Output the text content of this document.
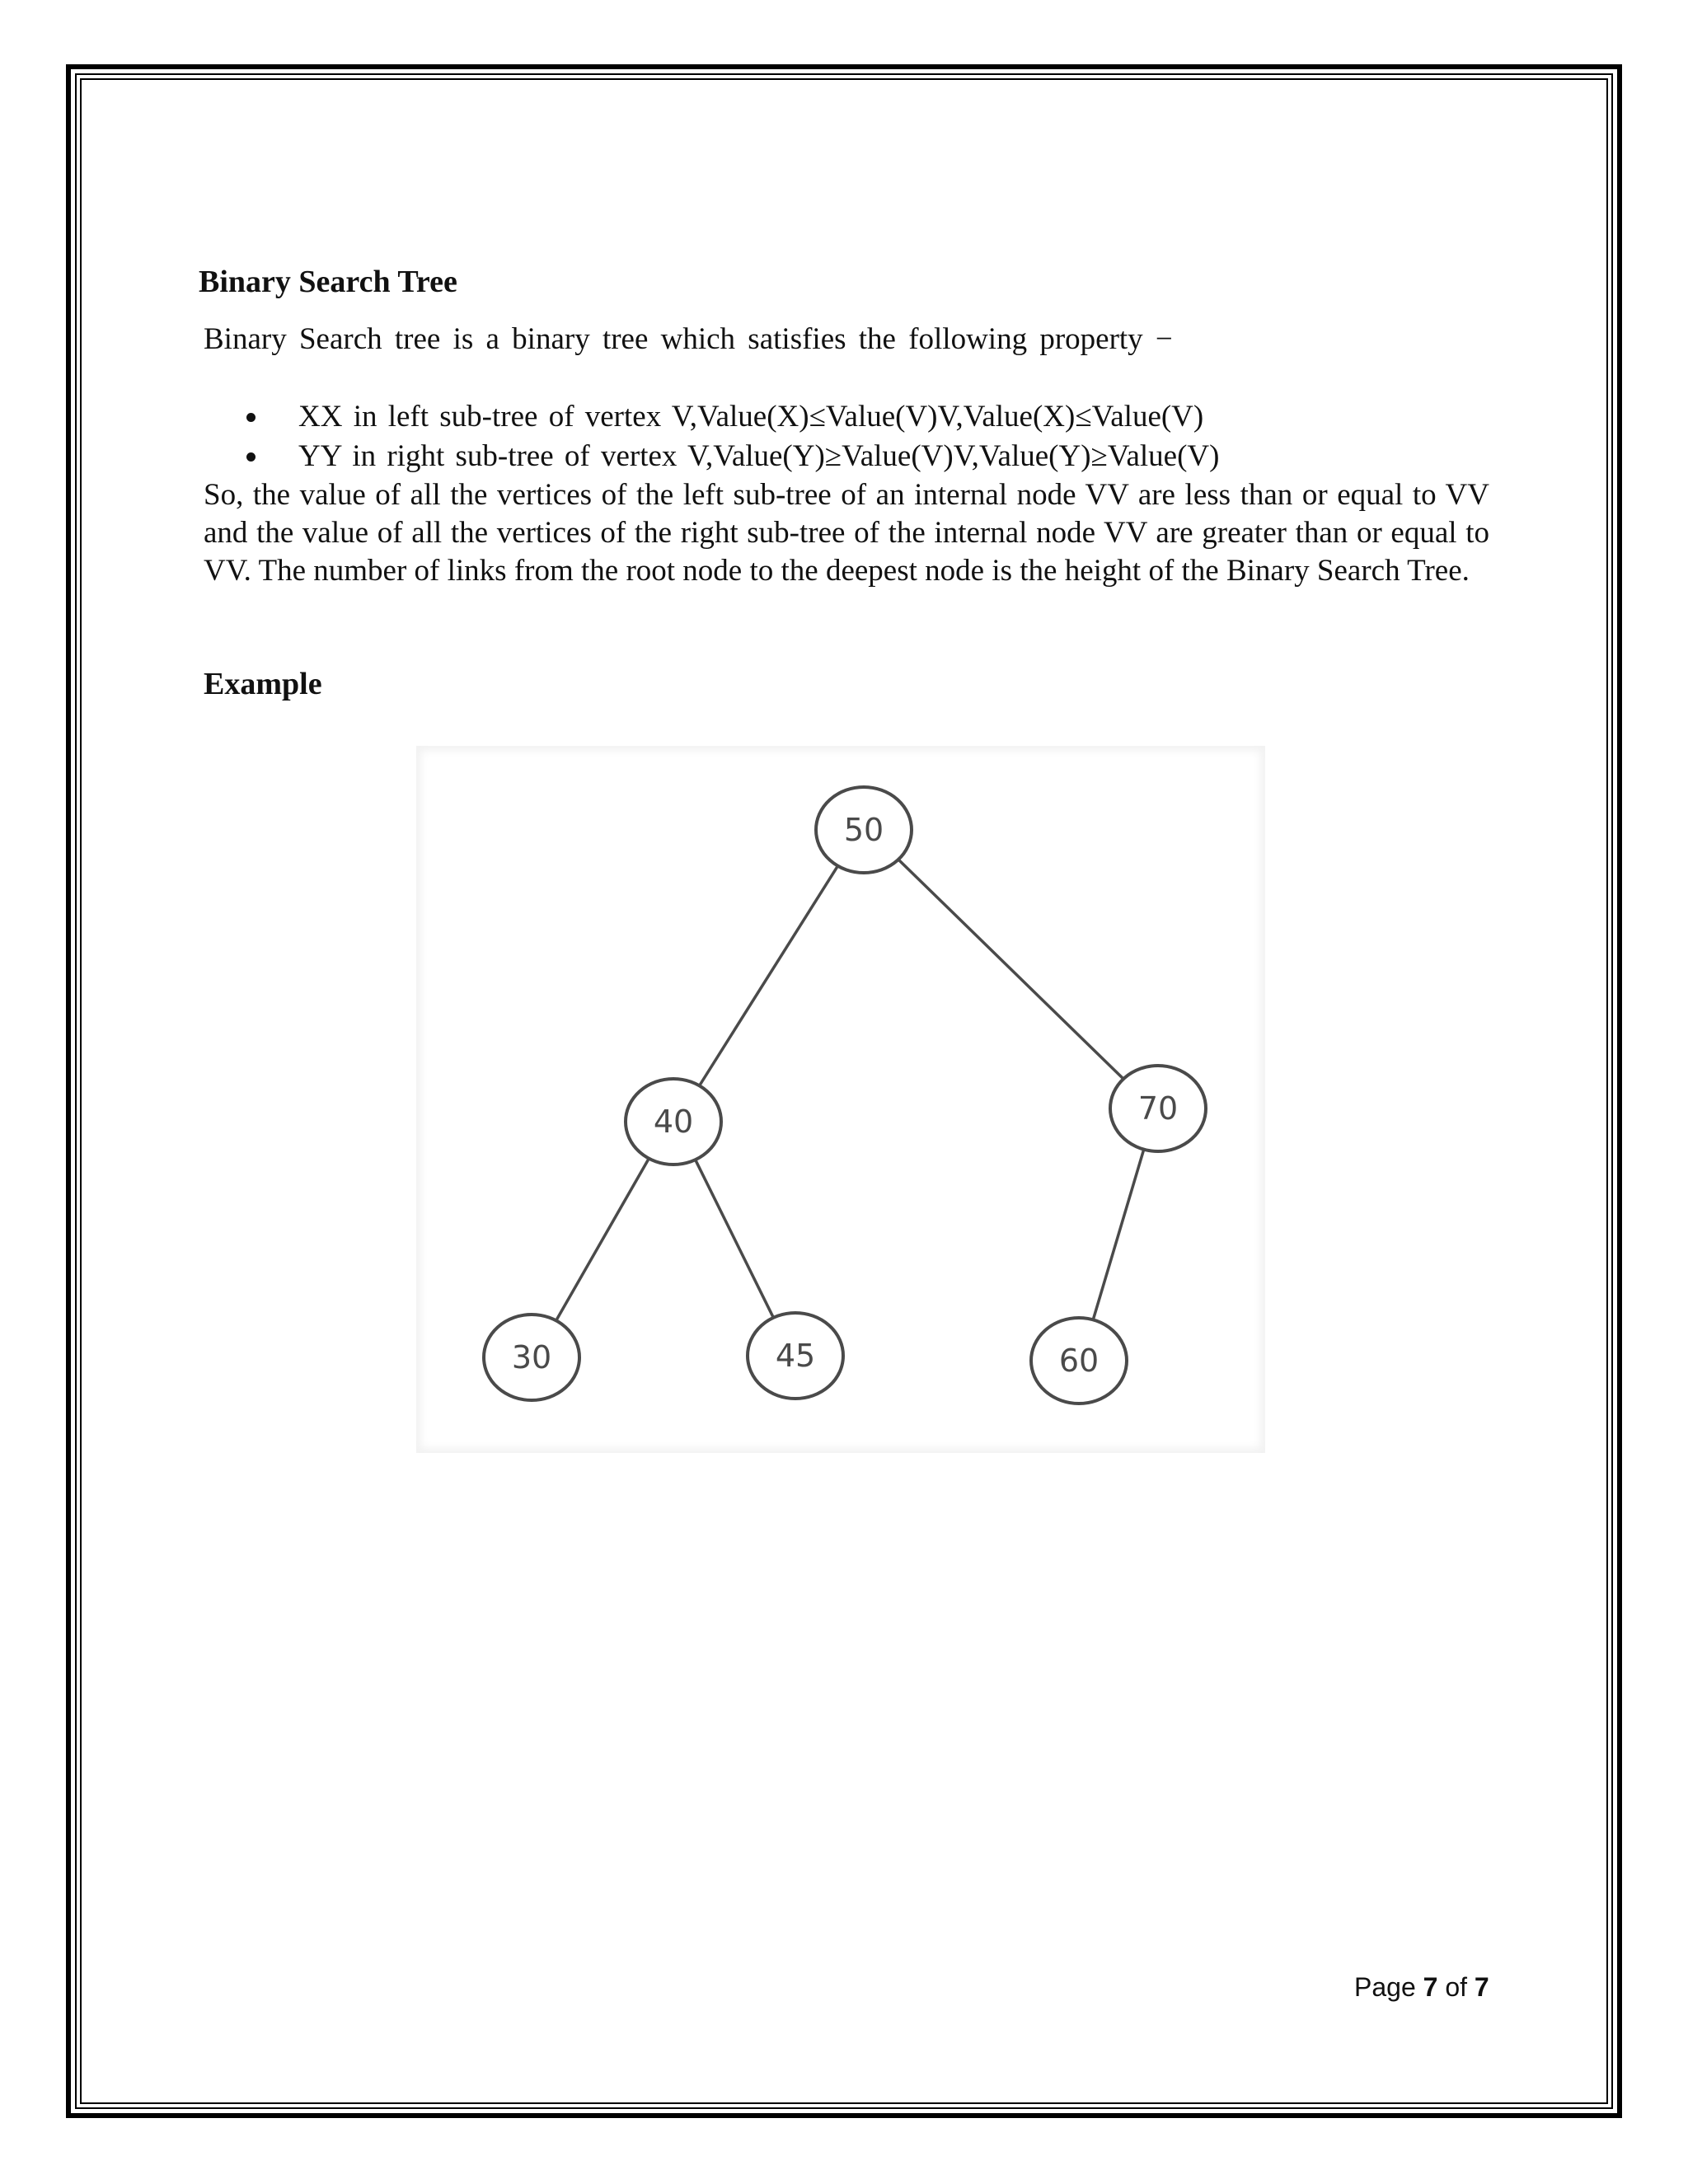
Binary Search Tree
Binary Search tree is a binary tree which satisfies the following property −
XX in left sub-tree of vertex V,Value(X)≤Value(V)V,Value(X)≤Value(V)
YY in right sub-tree of vertex V,Value(Y)≥Value(V)V,Value(Y)≥Value(V)

So, the value of all the vertices of the left sub-tree of an internal node VV are less than or equal to VV and the value of all the vertices of the right sub-tree of the internal node VV are greater than or equal to VV. The number of links from the root node to the deepest node is the height of the Binary Search Tree.

Example
50
40	70
30	45	60
Page 7 of 7
